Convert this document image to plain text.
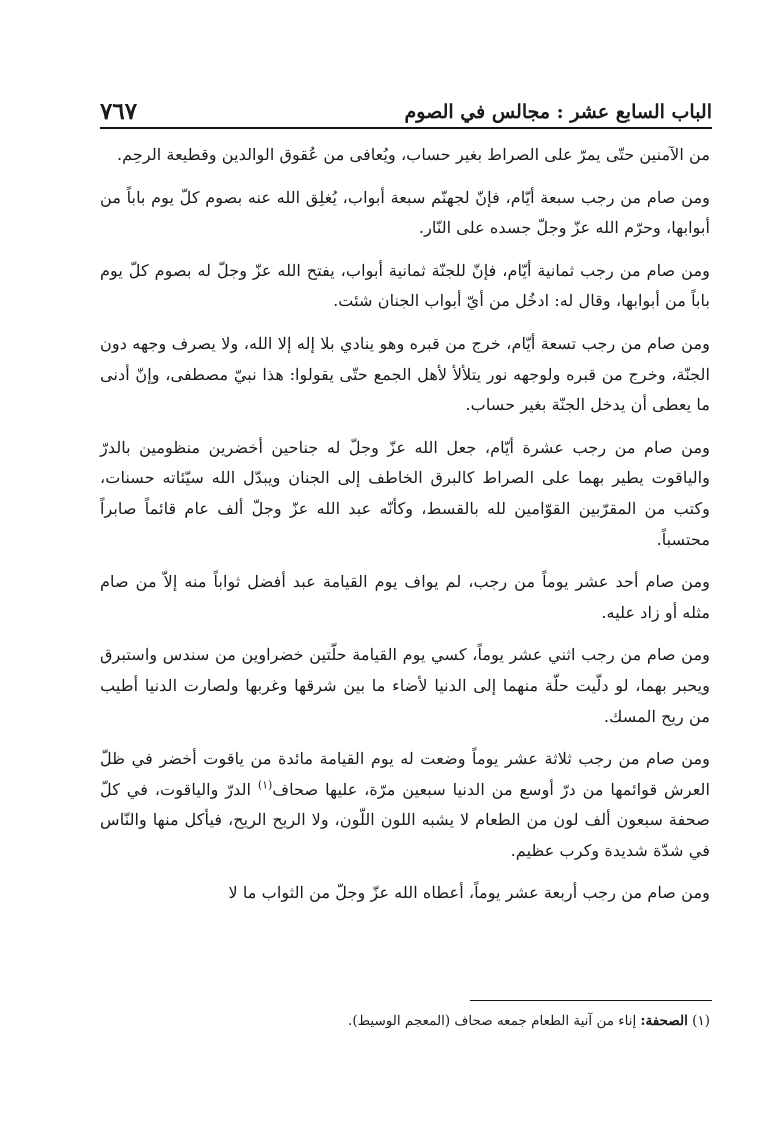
الباب السابع عشر : مجالس في الصوم
٧٦٧

من الآمنين حتّى يمرّ على الصراط بغير حساب، ويُعافى من عُقوق الوالدين وقطيعة الرحِم.

ومن صام من رجب سبعة أيّام، فإنّ لجهنّم سبعة أبواب، يُغلِق الله عنه بصوم كلّ يوم باباً من أبوابها، وحرّم الله عزّ وجلّ جسده على النّار.

ومن صام من رجب ثمانية أيّام، فإنّ للجنّة ثمانية أبواب، يفتح الله عزّ وجلّ له بصوم كلّ يوم باباً من أبوابها، وقال له: ادخُل من أيّ أبواب الجنان شئت.

ومن صام من رجب تسعة أيّام، خرج من قبره وهو ينادي بلا إله إلا الله، ولا يصرف وجهه دون الجنّة، وخرج من قبره ولوجهه نور يتلألأ لأهل الجمع حتّى يقولوا: هذا نبيّ مصطفى، وإنّ أدنى ما يعطى أن يدخل الجنّة بغير حساب.

ومن صام من رجب عشرة أيّام، جعل الله عزّ وجلّ له جناحين أخضرين منظومين بالدرّ والياقوت يطير بهما على الصراط كالبرق الخاطف إلى الجنان ويبدّل الله سيّئاته حسنات، وكتب من المقرّبين القوّامين لله بالقسط، وكأنّه عبد الله عزّ وجلّ ألف عام قائماً صابراً محتسباً.

ومن صام أحد عشر يوماً من رجب، لم يواف يوم القيامة عبد أفضل ثواباً منه إلاّ من صام مثله أو زاد عليه.

ومن صام من رجب اثني عشر يوماً، كسي يوم القيامة حلّتين خضراوين من سندس واستبرق ويحبر بهما، لو دلّيت حلّة منهما إلى الدنيا لأضاء ما بين شرقها وغربها ولصارت الدنيا أطيب من ريح المسك.

ومن صام من رجب ثلاثة عشر يوماً وضعت له يوم القيامة مائدة من ياقوت أخضر في ظلّ العرش قوائمها من درّ أوسع من الدنيا سبعين مرّة، عليها صحاف$^{(١)}$ الدرّ والياقوت، في كلّ صحفة سبعون ألف لون من الطعام لا يشبه اللون اللّون، ولا الريح الريح، فيأكل منها والنّاس في شدّة شديدة وكرب عظيم.

ومن صام من رجب أربعة عشر يوماً، أعطاه الله عزّ وجلّ من الثواب ما لا

(١) الصحفة: إناء من آنية الطعام جمعه صحاف (المعجم الوسيط).
